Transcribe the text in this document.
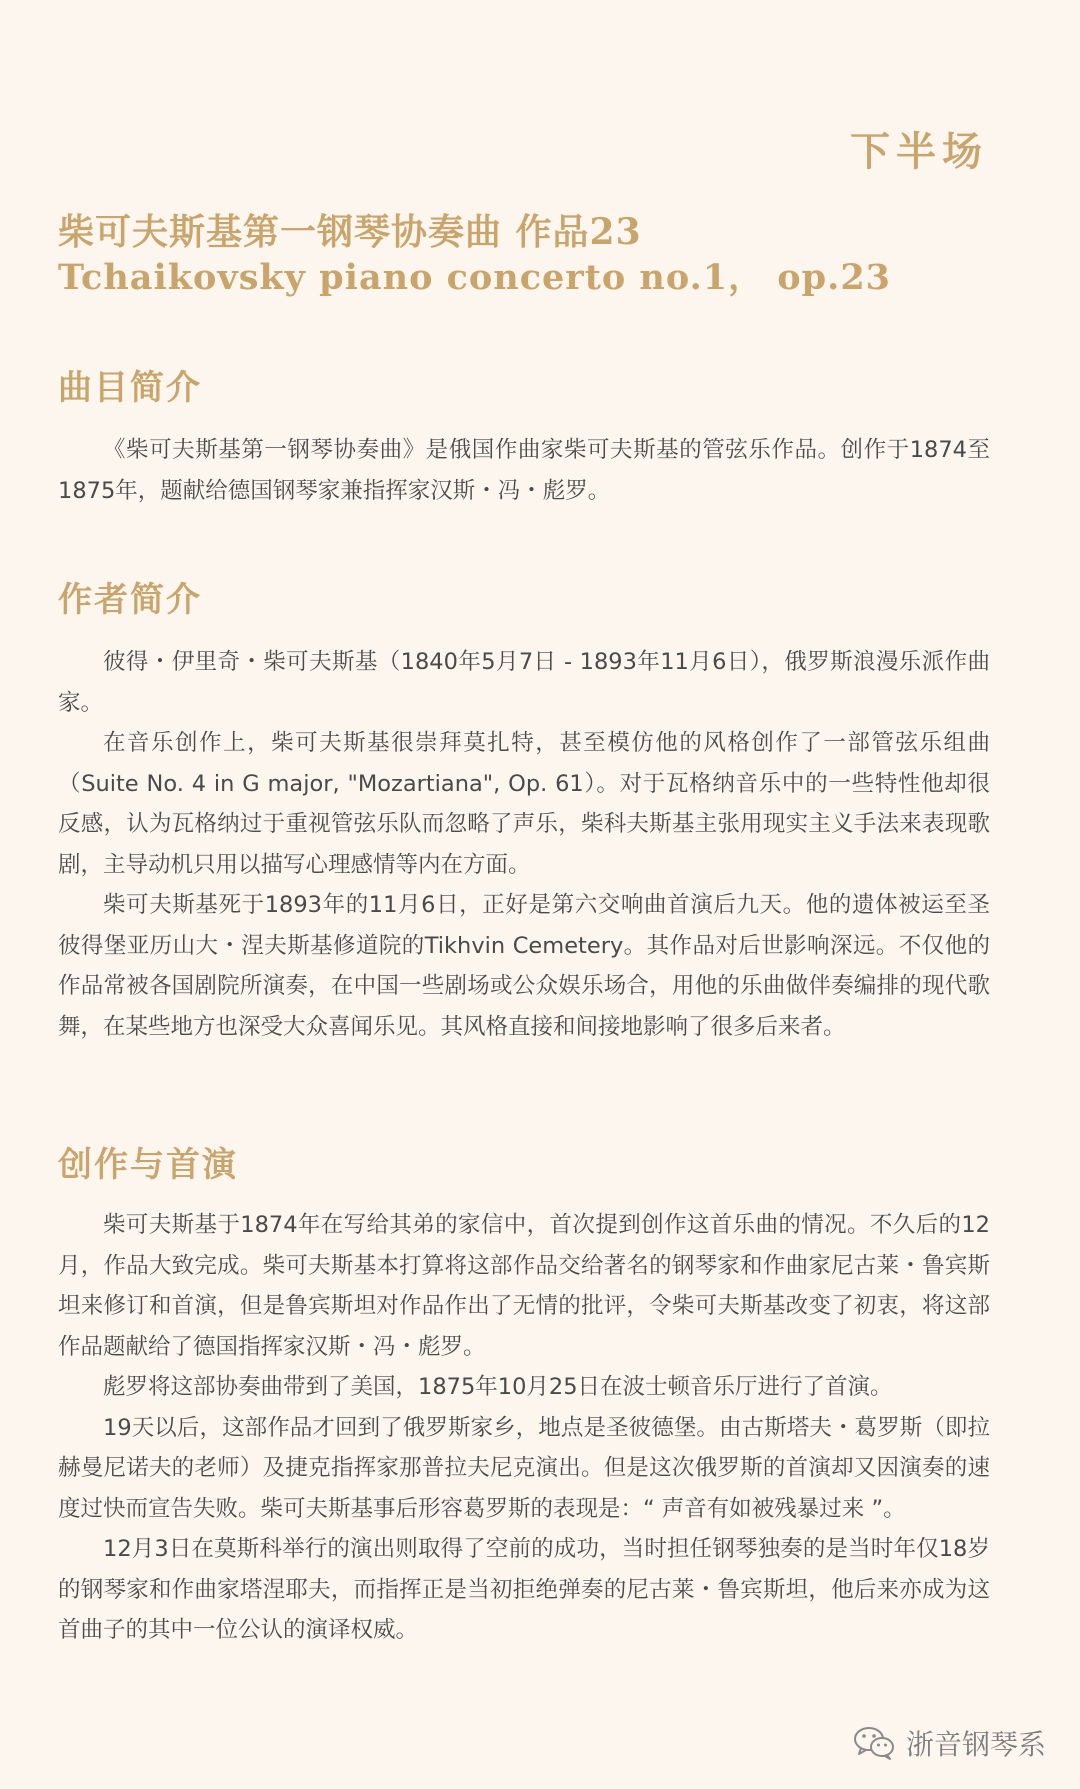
下半场
柴可夫斯基第一钢琴协奏曲 作品23
Tchaikovsky piano concerto no.1， op.23
曲目简介

《柴可夫斯基第一钢琴协奏曲》是俄国作曲家柴可夫斯基的管弦乐作品。创作于1874至1875年，题献给德国钢琴家兼指挥家汉斯・冯・彪罗。

作者简介

彼得・伊里奇・柴可夫斯基（1840年5月7日 - 1893年11月6日），俄罗斯浪漫乐派作曲家。

在音乐创作上，柴可夫斯基很崇拜莫扎特，甚至模仿他的风格创作了一部管弦乐组曲（Suite No. 4 in G major, "Mozartiana", Op. 61）。对于瓦格纳音乐中的一些特性他却很反感，认为瓦格纳过于重视管弦乐队而忽略了声乐，柴科夫斯基主张用现实主义手法来表现歌剧，主导动机只用以描写心理感情等内在方面。

柴可夫斯基死于1893年的11月6日，正好是第六交响曲首演后九天。他的遗体被运至圣彼得堡亚历山大・涅夫斯基修道院的Tikhvin Cemetery。其作品对后世影响深远。不仅他的作品常被各国剧院所演奏，在中国一些剧场或公众娱乐场合，用他的乐曲做伴奏编排的现代歌舞，在某些地方也深受大众喜闻乐见。其风格直接和间接地影响了很多后来者。

创作与首演

柴可夫斯基于1874年在写给其弟的家信中，首次提到创作这首乐曲的情况。不久后的12月，作品大致完成。柴可夫斯基本打算将这部作品交给著名的钢琴家和作曲家尼古莱・鲁宾斯坦来修订和首演，但是鲁宾斯坦对作品作出了无情的批评，令柴可夫斯基改变了初衷，将这部作品题献给了德国指挥家汉斯・冯・彪罗。

彪罗将这部协奏曲带到了美国，1875年10月25日在波士顿音乐厅进行了首演。

19天以后，这部作品才回到了俄罗斯家乡，地点是圣彼德堡。由古斯塔夫・葛罗斯（即拉赫曼尼诺夫的老师）及捷克指挥家那普拉夫尼克演出。但是这次俄罗斯的首演却又因演奏的速度过快而宣告失败。柴可夫斯基事后形容葛罗斯的表现是：“ 声音有如被残暴过来 ”。

12月3日在莫斯科举行的演出则取得了空前的成功，当时担任钢琴独奏的是当时年仅18岁的钢琴家和作曲家塔涅耶夫，而指挥正是当初拒绝弹奏的尼古莱・鲁宾斯坦，他后来亦成为这首曲子的其中一位公认的演译权威。

浙音钢琴系
